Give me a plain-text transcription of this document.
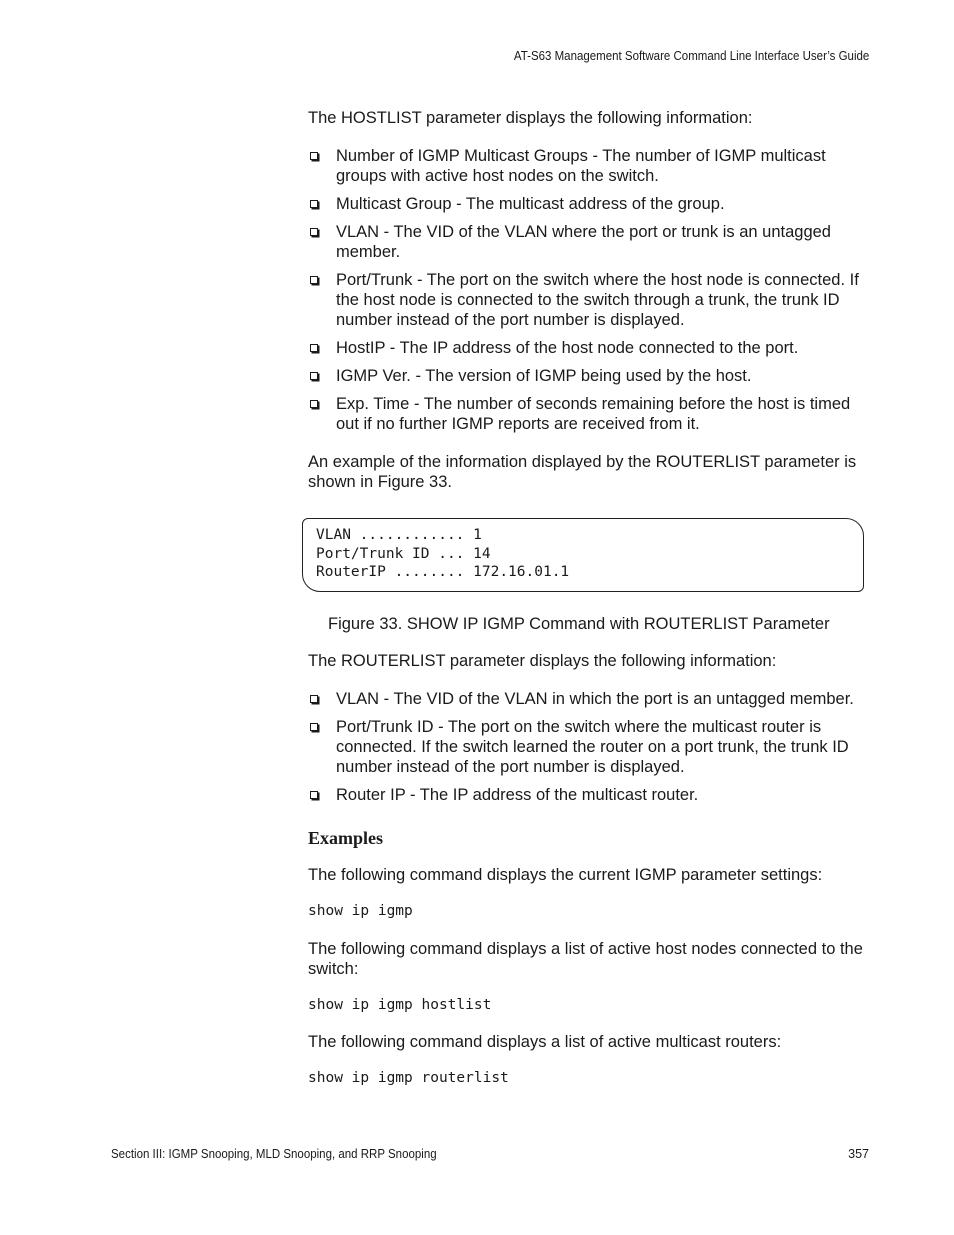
AT-S63 Management Software Command Line Interface User’s Guide

The HOSTLIST parameter displays the following information:

Number of IGMP Multicast Groups - The number of IGMP multicast groups with active host nodes on the switch.
Multicast Group - The multicast address of the group.
VLAN - The VID of the VLAN where the port or trunk is an untagged member.
Port/Trunk - The port on the switch where the host node is connected. If the host node is connected to the switch through a trunk, the trunk ID number instead of the port number is displayed.
HostIP - The IP address of the host node connected to the port.
IGMP Ver. - The version of IGMP being used by the host.
Exp. Time - The number of seconds remaining before the host is timed out if no further IGMP reports are received from it.

An example of the information displayed by the ROUTERLIST parameter is shown in Figure 33.

VLAN ............ 1
Port/Trunk ID ... 14
RouterIP ........ 172.16.01.1

Figure 33. SHOW IP IGMP Command with ROUTERLIST Parameter

The ROUTERLIST parameter displays the following information:

VLAN - The VID of the VLAN in which the port is an untagged member.
Port/Trunk ID - The port on the switch where the multicast router is connected. If the switch learned the router on a port trunk, the trunk ID number instead of the port number is displayed.
Router IP - The IP address of the multicast router.
Examples

The following command displays the current IGMP parameter settings:

show ip igmp

The following command displays a list of active host nodes connected to the switch:

show ip igmp hostlist

The following command displays a list of active multicast routers:

show ip igmp routerlist
Section III: IGMP Snooping, MLD Snooping, and RRP Snooping	357
